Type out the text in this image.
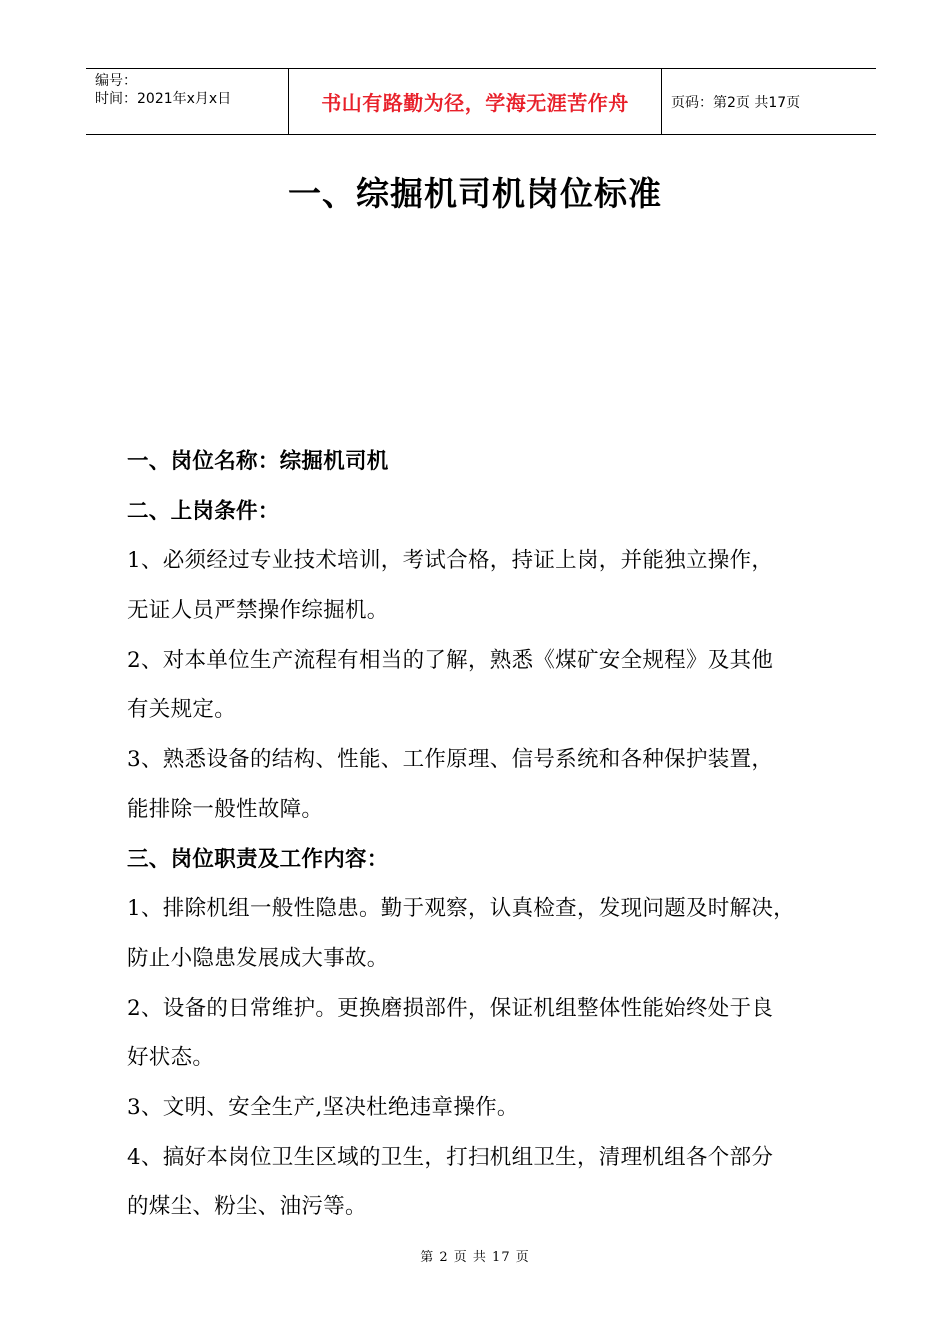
编号：
时间：2021年x月x日	书山有路勤为径，学海无涯苦作舟	页码：第2页 共17页
一、综掘机司机岗位标准
一、岗位名称：综掘机司机
二、上岗条件：
1、必须经过专业技术培训，考试合格，持证上岗，并能独立操作，
无证人员严禁操作综掘机。
2、对本单位生产流程有相当的了解，熟悉《煤矿安全规程》及其他
有关规定。
3、熟悉设备的结构、性能、工作原理、信号系统和各种保护装置，
能排除一般性故障。
三、岗位职责及工作内容：
1、排除机组一般性隐患。勤于观察，认真检查，发现问题及时解决，
防止小隐患发展成大事故。
2、设备的日常维护。更换磨损部件，保证机组整体性能始终处于良
好状态。
3、文明、安全生产,坚决杜绝违章操作。
4、搞好本岗位卫生区域的卫生，打扫机组卫生，清理机组各个部分
的煤尘、粉尘、油污等。
第 2 页 共 17 页
